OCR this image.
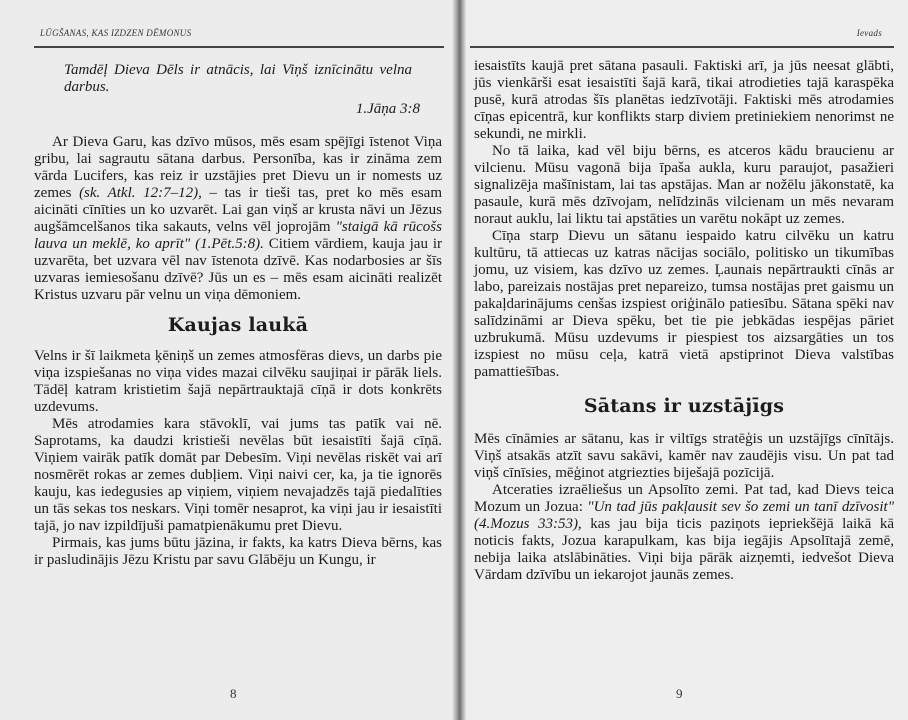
LŪGŠANAS, KAS IZDZEN DĒMONUS

Tamdēļ Dieva Dēls ir atnācis, lai Viņš iznīcinātu velna darbus.

1.Jāņa 3:8

Ar Dieva Garu, kas dzīvo mūsos, mēs esam spējīgi īstenot Viņa gribu, lai sagrautu sātana darbus. Personība, kas ir zināma zem vārda Lucifers, kas reiz ir uzstājies pret Dievu un ir nomests uz zemes (sk. Atkl. 12:7–12), – tas ir tieši tas, pret ko mēs esam aicināti cīnīties un ko uzvarēt. Lai gan viņš ar krusta nāvi un Jēzus augšāmcelšanos tika sakauts, velns vēl joprojām "staigā kā rūcošs lauva un meklē, ko aprīt" (1.Pēt.5:8). Citiem vārdiem, kauja jau ir uzvarēta, bet uzvara vēl nav īstenota dzīvē. Kas nodarbosies ar šīs uzvaras iemiesošanu dzīvē? Jūs un es – mēs esam aicināti realizēt Kristus uzvaru pār velnu un viņa dēmoniem.

Kaujas laukā

Velns ir šī laikmeta ķēniņš un zemes atmosfēras dievs, un darbs pie viņa izspiešanas no viņa vides mazai cilvēku saujiņai ir pārāk liels. Tādēļ katram kristietim šajā nepārtrauktajā cīņā ir dots konkrēts uzdevums.

Mēs atrodamies kara stāvoklī, vai jums tas patīk vai nē. Saprotams, ka daudzi kristieši nevēlas būt iesaistīti šajā cīņā. Viņiem vairāk patīk domāt par Debesīm. Viņi nevēlas riskēt vai arī nosmērēt rokas ar zemes dubļiem. Viņi naivi cer, ka, ja tie ignorēs kauju, kas iedegusies ap viņiem, viņiem nevajadzēs tajā piedalīties un tās sekas tos neskars. Viņi tomēr nesaprot, ka viņi jau ir iesaistīti tajā, jo nav izpildījuši pamatpienākumu pret Dievu.

Pirmais, kas jums būtu jāzina, ir fakts, ka katrs Dieva bērns, kas ir pasludinājis Jēzu Kristu par savu Glābēju un Kungu, ir

8
Ievads

iesaistīts kaujā pret sātana pasauli. Faktiski arī, ja jūs neesat glābti, jūs vienkārši esat iesaistīti šajā karā, tikai atrodieties tajā karaspēka pusē, kurā atrodas šīs planētas iedzīvotāji. Faktiski mēs atrodamies cīņas epicentrā, kur konflikts starp diviem pretiniekiem nenorimst ne sekundi, ne mirkli.

No tā laika, kad vēl biju bērns, es atceros kādu braucienu ar vilcienu. Mūsu vagonā bija īpaša aukla, kuru paraujot, pasažieri signalizēja mašīnistam, lai tas apstājas. Man ar nožēlu jākonstatē, ka pasaule, kurā mēs dzīvojam, nelīdzinās vilcienam un mēs nevaram noraut auklu, lai liktu tai apstāties un varētu nokāpt uz zemes.

Cīņa starp Dievu un sātanu iespaido katru cilvēku un katru kultūru, tā attiecas uz katras nācijas sociālo, politisko un tikumības jomu, uz visiem, kas dzīvo uz zemes. Ļaunais nepārtraukti cīnās ar labo, pareizais nostājas pret nepareizo, tumsa nostājas pret gaismu un pakaļdarinājums cenšas izspiest oriģinālo patiesību. Sātana spēki nav salīdzināmi ar Dieva spēku, bet tie pie jebkādas iespējas pāriet uzbrukumā. Mūsu uzdevums ir piespiest tos aizsargāties un tos izspiest no mūsu ceļa, katrā vietā apstiprinot Dieva valstības pamatties̄ības.

Sātans ir uzstājīgs

Mēs cīnāmies ar sātanu, kas ir viltīgs stratēģis un uzstājīgs cīnītājs. Viņš atsakās atzīt savu sakāvi, kamēr nav zaudējis visu. Un pat tad viņš cīnīsies, mēģinot atgriezties biješajā pozīcijā.

Atceraties izraēliešus un Apsolīto zemi. Pat tad, kad Dievs teica Mozum un Jozua: "Un tad jūs pakļausit sev šo zemi un tanī dzīvosit" (4.Mozus 33:53), kas jau bija ticis paziņots iepriekšējā laikā kā noticis fakts, Jozua karapulkam, kas bija iegājis Apsolītajā zemē, nebija laika atslābināties. Viņi bija pārāk aizņemti, iedvešot Dieva Vārdam dzīvību un iekarojot jaunās zemes.

9
